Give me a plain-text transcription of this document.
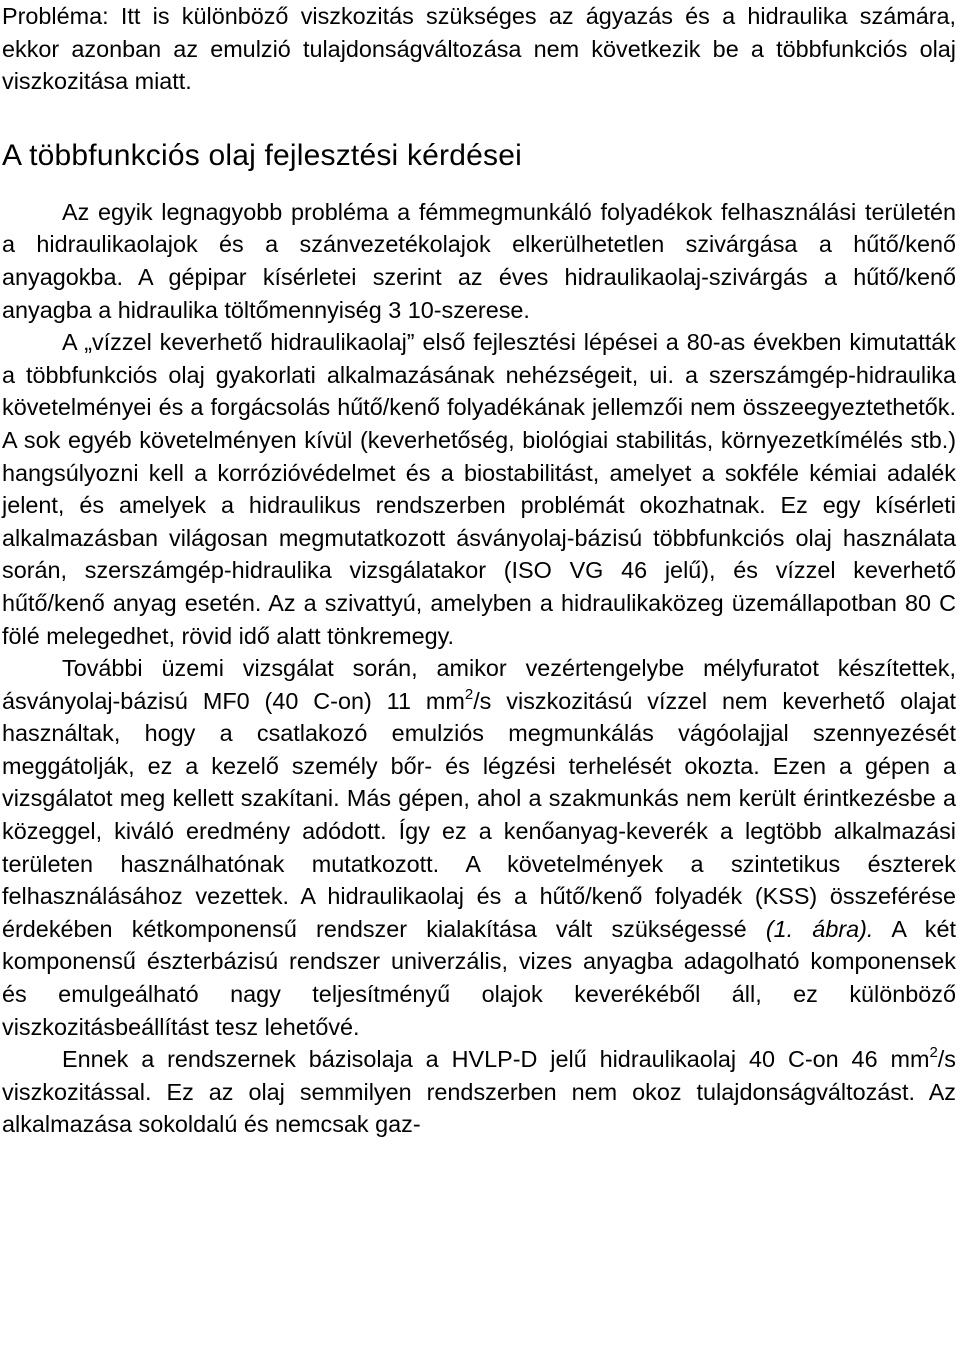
Probléma: Itt is különböző viszkozitás szükséges az ágyazás és a hidraulika számára, ekkor azonban az emulzió tulajdonságváltozása nem következik be a többfunkciós olaj viszkozitása miatt.

A többfunkciós olaj fejlesztési kérdései

Az egyik legnagyobb probléma a fémmegmunkáló folyadékok felhasználási területén a hidraulikaolajok és a szánvezetékolajok elkerülhetetlen szivárgása a hűtő/kenő anyagokba. A gépipar kísérletei szerint az éves hidraulikaolaj-szivárgás a hűtő/kenő anyagba a hidraulika töltőmennyiség 3 10-szerese.

A „vízzel keverhető hidraulikaolaj” első fejlesztési lépései a 80-as években kimutatták a többfunkciós olaj gyakorlati alkalmazásának nehézségeit, ui. a szerszámgép-hidraulika követelményei és a forgácsolás hűtő/kenő folyadékának jellemzői nem összeegyeztethetők. A sok egyéb követelményen kívül (keverhetőség, biológiai stabilitás, környezetkímélés stb.) hangsúlyozni kell a korrózióvédelmet és a biostabilitást, amelyet a sokféle kémiai adalék jelent, és amelyek a hidraulikus rendszerben problémát okozhatnak. Ez egy kísérleti alkalmazásban világosan megmutatkozott ásványolaj-bázisú többfunkciós olaj használata során, szerszámgép-hidraulika vizsgálatakor (ISO VG 46 jelű), és vízzel keverhető hűtő/kenő anyag esetén. Az a szivattyú, amelyben a hidraulikaközeg üzemállapotban 80 C fölé melegedhet, rövid idő alatt tönkremegy.

További üzemi vizsgálat során, amikor vezértengelybe mélyfuratot készítettek, ásványolaj-bázisú MF0 (40 C-on) 11 $mm^2/s$ viszkozitású vízzel nem keverhető olajat használtak, hogy a csatlakozó emulziós megmunkálás vágóolajjal szennyezését meggátolják, ez a kezelő személy bőr- és légzési terhelését okozta. Ezen a gépen a vizsgálatot meg kellett szakítani. Más gépen, ahol a szakmunkás nem került érintkezésbe a közeggel, kiváló eredmény adódott. Így ez a kenőanyag-keverék a legtöbb alkalmazási területen használhatónak mutatkozott. A követelmények a szintetikus észterek felhasználásához vezettek. A hidraulikaolaj és a hűtő/kenő folyadék (KSS) összeférése érdekében kétkomponensű rendszer kialakítása vált szükségessé (1. ábra). A két komponensű észterbázisú rendszer univerzális, vizes anyagba adagolható komponensek és emulgeálható nagy teljesítményű olajok keverékéből áll, ez különböző viszkozitásbeállítást tesz lehetővé.

Ennek a rendszernek bázisolaja a HVLP-D jelű hidraulikaolaj 40 C-on 46 $mm^2/s$ viszkozitással. Ez az olaj semmilyen rendszerben nem okoz tulajdonságváltozást. Az alkalmazása sokoldalú és nemcsak gaz-
